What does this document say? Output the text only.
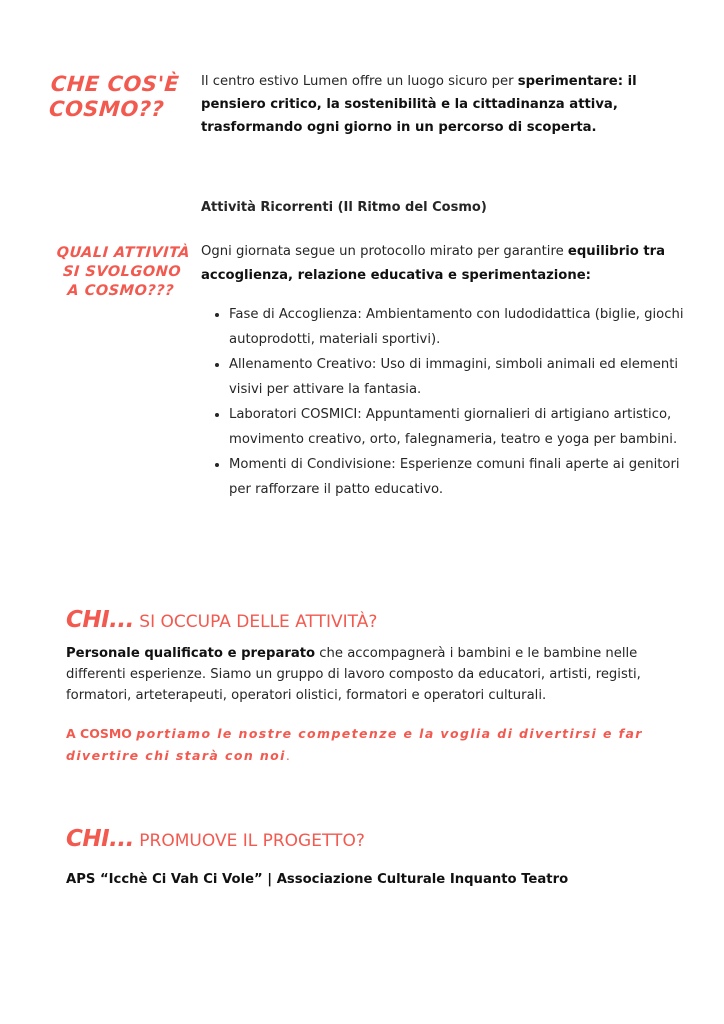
CHE COS'È
COSMO??
Il centro estivo Lumen offre un luogo sicuro per sperimentare: il pensiero critico, la sostenibilità e la cittadinanza attiva, trasformando ogni giorno in un percorso di scoperta.
Attività Ricorrenti (Il Ritmo del Cosmo)
QUALI ATTIVITÀ
SI SVOLGONO
A COSMO???
Ogni giornata segue un protocollo mirato per garantire equilibrio tra accoglienza, relazione educativa e sperimentazione:
• Fase di Accoglienza: Ambientamento con ludodidattica (biglie, giochi autoprodotti, materiali sportivi).
• Allenamento Creativo: Uso di immagini, simboli animali ed elementi visivi per attivare la fantasia.
• Laboratori COSMICI: Appuntamenti giornalieri di artigiano artistico, movimento creativo, orto, falegnameria, teatro e yoga per bambini.
• Momenti di Condivisione: Esperienze comuni finali aperte ai genitori per rafforzare il patto educativo.
CHI... SI OCCUPA DELLE ATTIVITÀ?
Personale qualificato e preparato che accompagnerà i bambini e le bambine nelle differenti esperienze. Siamo un gruppo di lavoro composto da educatori, artisti, registi, formatori, arteterapeuti, operatori olistici, formatori e operatori culturali.
A COSMO portiamo le nostre competenze e la voglia di divertirsi e far divertire chi starà con noi.
CHI... PROMUOVE IL PROGETTO?
APS “Icchè Ci Vah Ci Vole” | Associazione Culturale Inquanto Teatro
